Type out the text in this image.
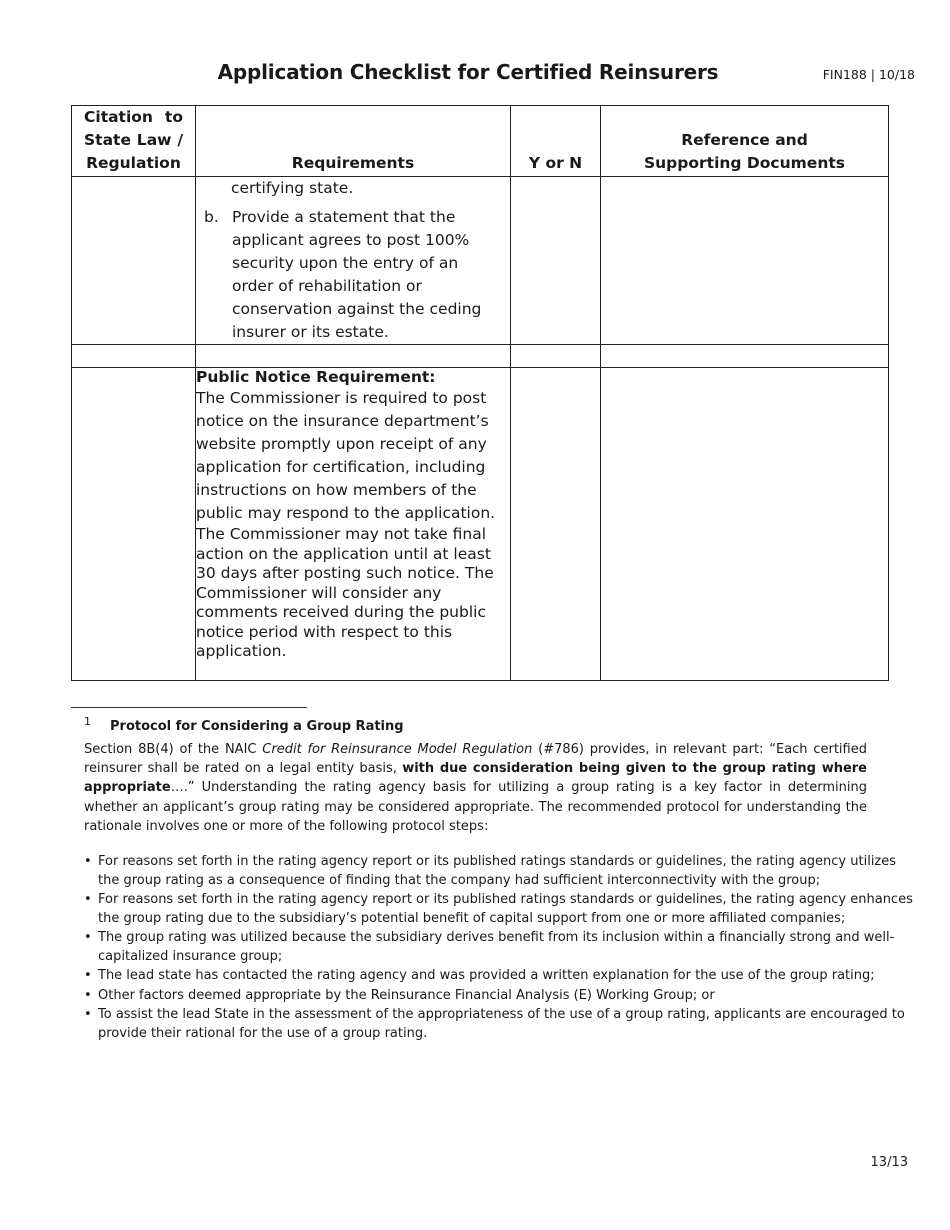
Application Checklist for Certified Reinsurers	FIN188 | 10/18
Citation to
State Law /
Regulation	Requirements	Y or N	Reference and Supporting Documents

	certifying state.
b. Provide a statement that the applicant agrees to post 100% security upon the entry of an order of rehabilitation or conservation against the ceding insurer or its estate.		

	Public Notice Requirement:
The Commissioner is required to post notice on the insurance department’s website promptly upon receipt of any application for certification, including instructions on how members of the public may respond to the application.
The Commissioner may not take final action on the application until at least 30 days after posting such notice. The Commissioner will consider any comments received during the public notice period with respect to this application.		

1 Protocol for Considering a Group Rating
Section 8B(4) of the NAIC Credit for Reinsurance Model Regulation (#786) provides, in relevant part: “Each certified reinsurer shall be rated on a legal entity basis, with due consideration being given to the group rating where appropriate….” Understanding the rating agency basis for utilizing a group rating is a key factor in determining whether an applicant’s group rating may be considered appropriate. The recommended protocol for understanding the rationale involves one or more of the following protocol steps:
• For reasons set forth in the rating agency report or its published ratings standards or guidelines, the rating agency utilizes the group rating as a consequence of finding that the company had sufficient interconnectivity with the group;
• For reasons set forth in the rating agency report or its published ratings standards or guidelines, the rating agency enhances the group rating due to the subsidiary’s potential benefit of capital support from one or more affiliated companies;
• The group rating was utilized because the subsidiary derives benefit from its inclusion within a financially strong and well-capitalized insurance group;
• The lead state has contacted the rating agency and was provided a written explanation for the use of the group rating;
• Other factors deemed appropriate by the Reinsurance Financial Analysis (E) Working Group; or
• To assist the lead State in the assessment of the appropriateness of the use of a group rating, applicants are encouraged to provide their rational for the use of a group rating.
13/13
